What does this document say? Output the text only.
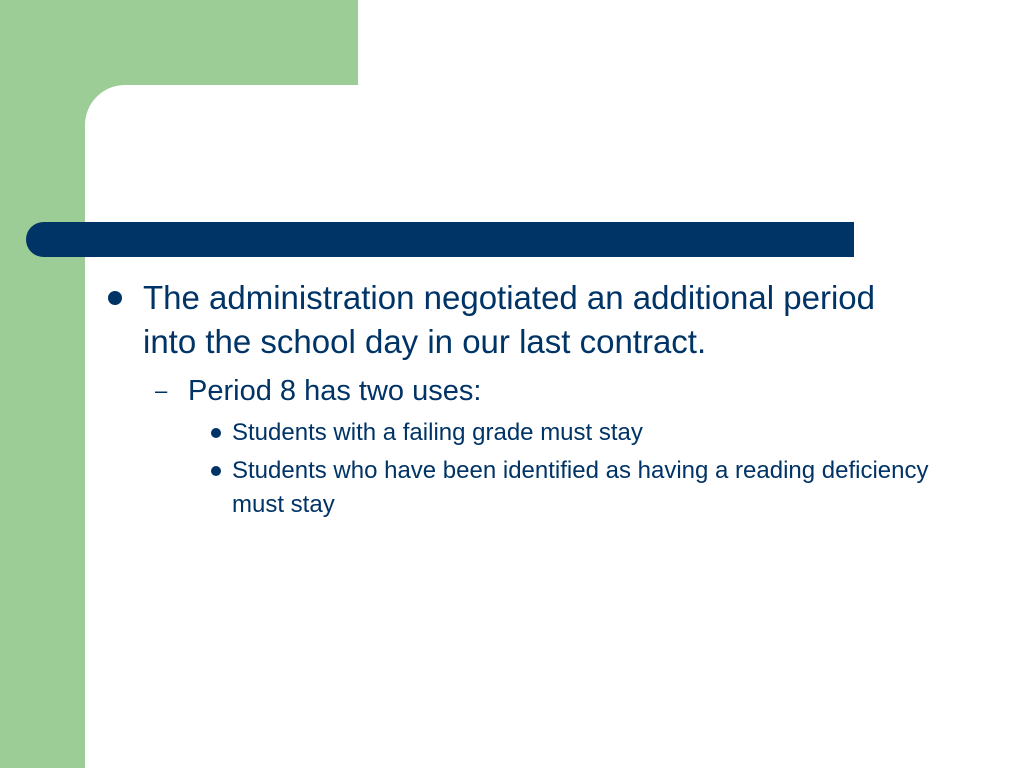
The administration negotiated an additional period into the school day in our last contract.
– Period 8 has two uses:
Students with a failing grade must stay
Students who have been identified as having a reading deficiency must stay
